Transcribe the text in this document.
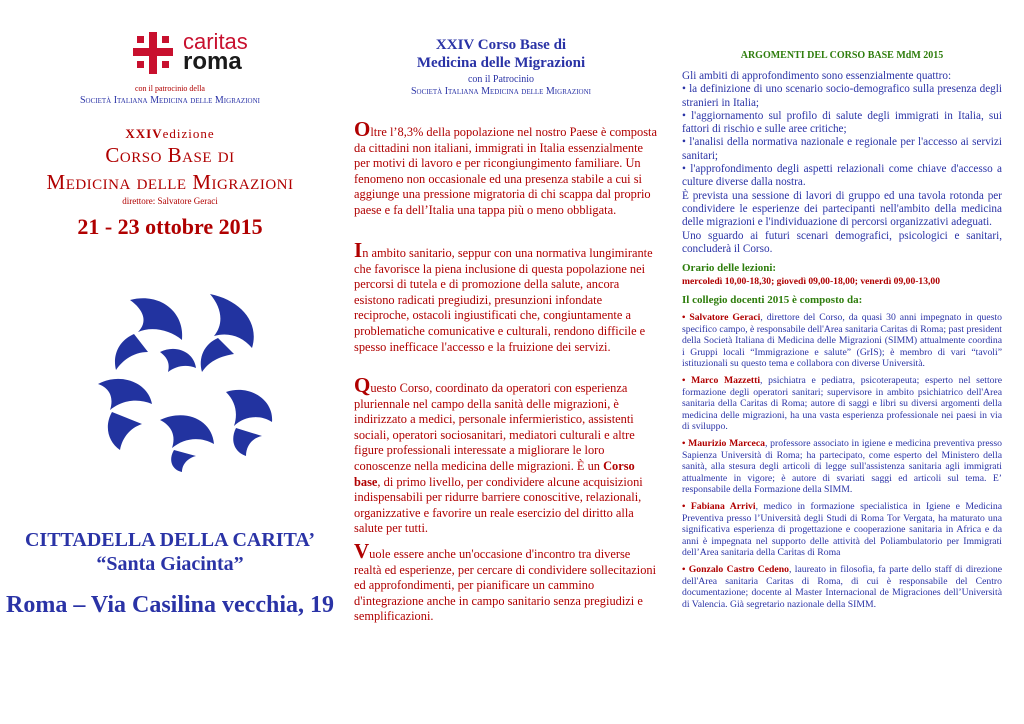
caritas
roma
con il patrocinio della
Società Italiana Medicina delle Migrazioni
XXIVedizione
Corso Base di
Medicina delle Migrazioni
direttore: Salvatore Geraci
21 - 23 ottobre 2015
CITTADELLA DELLA CARITA’
“Santa Giacinta”
Roma – Via Casilina vecchia, 19
XXIV Corso Base di
Medicina delle Migrazioni
con il Patrocinio
Società Italiana Medicina delle Migrazioni
Oltre l’8,3% della popolazione nel nostro Paese è composta da cittadini non italiani, immigrati in Italia essenzialmente per motivi di lavoro e per ricongiungimento familiare. Un fenomeno non occasionale ed una presenza stabile a cui si aggiunge una pressione migratoria di chi scappa dal proprio paese e fa dell’Italia una tappa più o meno obbligata.
In ambito sanitario, seppur con una normativa lungimirante che favorisce la piena inclusione di questa popolazione nei percorsi di tutela e di promozione della salute, ancora esistono radicati pregiudizi, presunzioni infondate reciproche, ostacoli ingiustificati che, congiuntamente a problematiche comunicative e culturali, rendono difficile e spesso inefficace l'accesso e la fruizione dei servizi.
Questo Corso, coordinato da operatori con esperienza pluriennale nel campo della sanità delle migrazioni, è indirizzato a medici, personale infermieristico, assistenti sociali, operatori sociosanitari, mediatori culturali e altre figure professionali interessate a migliorare le loro conoscenze nella medicina delle migrazioni. È un Corso base, di primo livello, per condividere alcune acquisizioni indispensabili per ridurre barriere conoscitive, relazionali, organizzative e favorire un reale esercizio del diritto alla salute per tutti.
Vuole essere anche un'occasione d'incontro tra diverse realtà ed esperienze, per cercare di condividere sollecitazioni ed approfondimenti, per pianificare un cammino d'integrazione anche in campo sanitario senza pregiudizi e semplificazioni.
ARGOMENTI DEL CORSO BASE MdM 2015
Gli ambiti di approfondimento sono essenzialmente quattro:
• la definizione di uno scenario socio-demografico sulla presenza degli stranieri in Italia;
• l'aggiornamento sul profilo di salute degli immigrati in Italia, sui fattori di rischio e sulle aree critiche;
• l'analisi della normativa nazionale e regionale per l'accesso ai servizi sanitari;
• l'approfondimento degli aspetti relazionali come chiave d'accesso a culture diverse dalla nostra.
È prevista una sessione di lavori di gruppo ed una tavola rotonda per condividere le esperienze dei partecipanti nell'ambito della medicina delle migrazioni e l'individuazione di percorsi organizzativi adeguati.
Uno sguardo ai futuri scenari demografici, psicologici e sanitari, concluderà il Corso.
Orario delle lezioni:
mercoledì 10,00-18,30; giovedì 09,00-18,00; venerdì 09,00-13,00
Il collegio docenti 2015 è composto da:
• Salvatore Geraci, direttore del Corso, da quasi 30 anni impegnato in questo specifico campo, è responsabile dell'Area sanitaria Caritas di Roma; past president della Società Italiana di Medicina delle Migrazioni (SIMM) attualmente coordina i Gruppi locali “Immigrazione e salute” (GrIS); è membro di vari “tavoli” istituzionali su questo tema e collabora con diverse Università.
• Marco Mazzetti, psichiatra e pediatra, psicoterapeuta; esperto nel settore formazione degli operatori sanitari; supervisore in ambito psichiatrico dell'Area sanitaria della Caritas di Roma; autore di saggi e libri su diversi argomenti della medicina delle migrazioni, ha una vasta esperienza professionale nei paesi in via di sviluppo.
• Maurizio Marceca, professore associato in igiene e medicina preventiva presso Sapienza Università di Roma; ha partecipato, come esperto del Ministero della sanità, alla stesura degli articoli di legge sull'assistenza sanitaria agli immigrati attualmente in vigore; è autore di svariati saggi ed articoli sul tema. E’ responsabile della Formazione della SIMM.
• Fabiana Arrivi, medico in formazione specialistica in Igiene e Medicina Preventiva presso l’Università degli Studi di Roma Tor Vergata, ha maturato una significativa esperienza di progettazione e cooperazione sanitaria in Africa e da anni è impegnata nel supporto delle attività del Poliambulatorio per Immigrati dell’Area sanitaria della Caritas di Roma
• Gonzalo Castro Cedeno, laureato in filosofia, fa parte dello staff di direzione dell'Area sanitaria Caritas di Roma, di cui è responsabile del Centro documentazione; docente al Master Internacional de Migraciones dell’Università di Valencia. Già segretario nazionale della SIMM.
